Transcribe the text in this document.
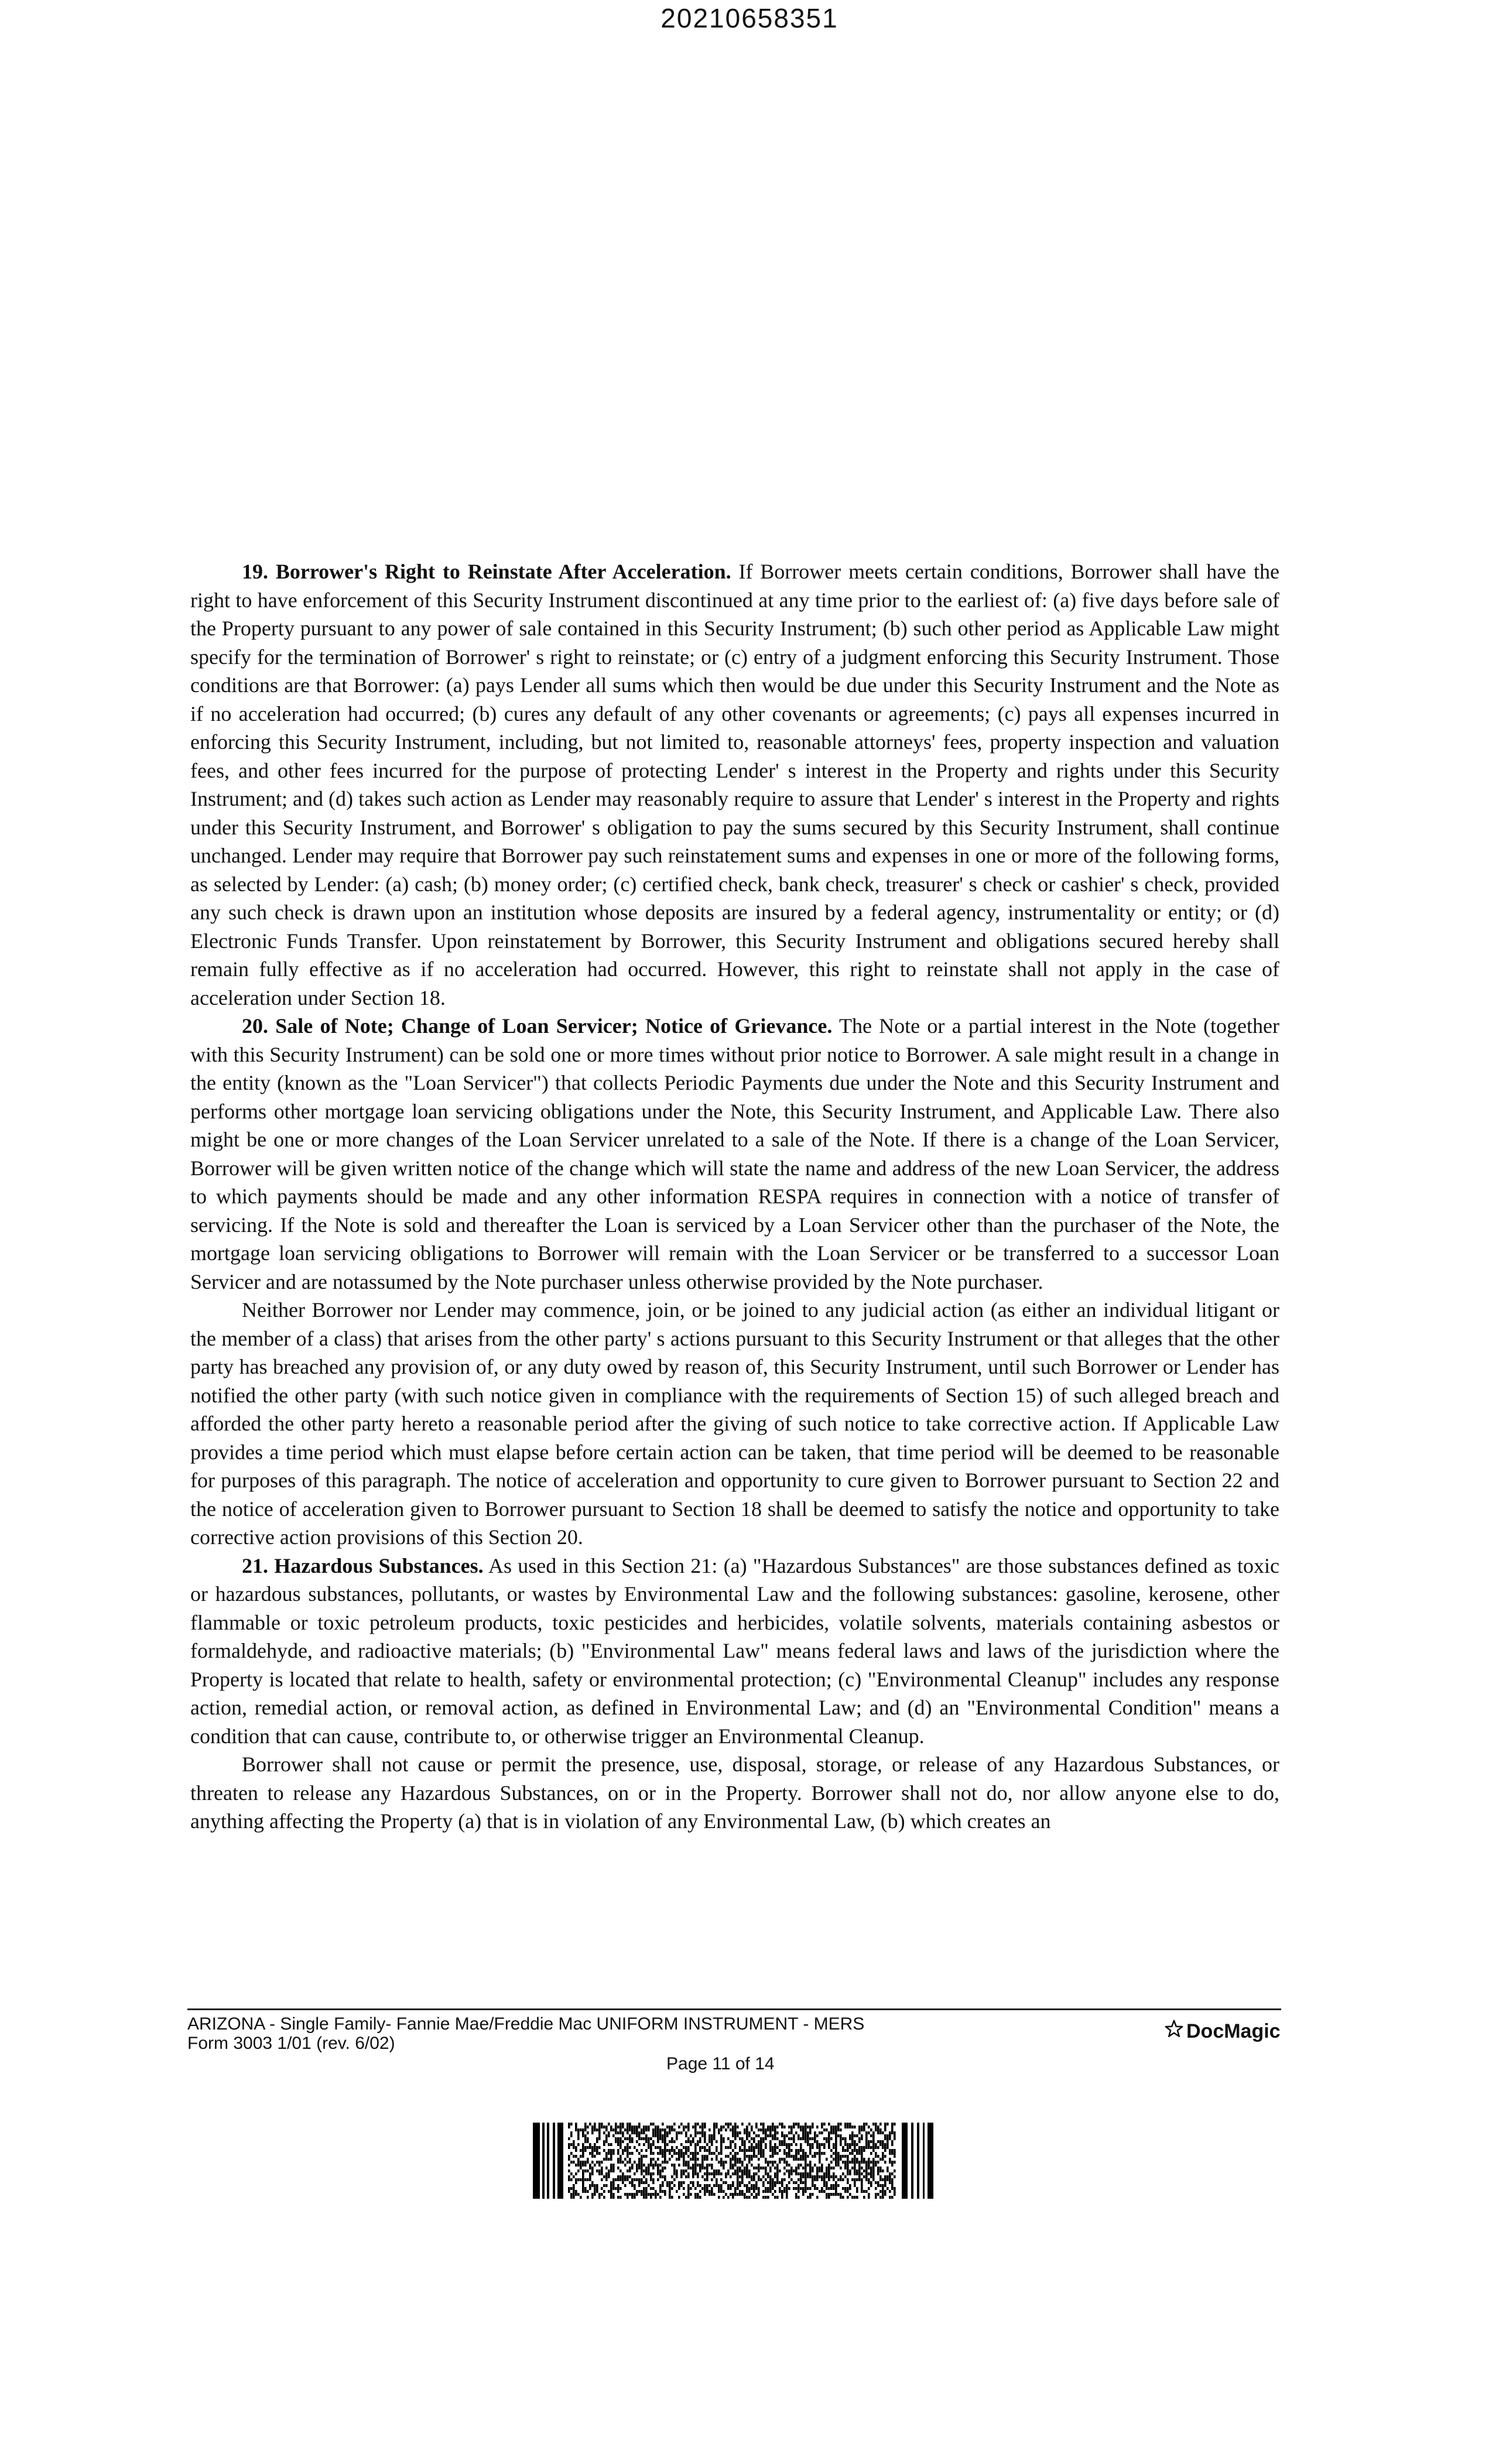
20210658351

19. Borrower's Right to Reinstate After Acceleration. If Borrower meets certain conditions, Borrower shall have the right to have enforcement of this Security Instrument discontinued at any time prior to the earliest of: (a) five days before sale of the Property pursuant to any power of sale contained in this Security Instrument; (b) such other period as Applicable Law might specify for the termination of Borrower' s right to reinstate; or (c) entry of a judgment enforcing this Security Instrument. Those conditions are that Borrower: (a) pays Lender all sums which then would be due under this Security Instrument and the Note as if no acceleration had occurred; (b) cures any default of any other covenants or agreements; (c) pays all expenses incurred in enforcing this Security Instrument, including, but not limited to, reasonable attorneys' fees, property inspection and valuation fees, and other fees incurred for the purpose of protecting Lender' s interest in the Property and rights under this Security Instrument; and (d) takes such action as Lender may reasonably require to assure that Lender' s interest in the Property and rights under this Security Instrument, and Borrower' s obligation to pay the sums secured by this Security Instrument, shall continue unchanged. Lender may require that Borrower pay such reinstatement sums and expenses in one or more of the following forms, as selected by Lender: (a) cash; (b) money order; (c) certified check, bank check, treasurer' s check or cashier' s check, provided any such check is drawn upon an institution whose deposits are insured by a federal agency, instrumentality or entity; or (d) Electronic Funds Transfer. Upon reinstatement by Borrower, this Security Instrument and obligations secured hereby shall remain fully effective as if no acceleration had occurred. However, this right to reinstate shall not apply in the case of acceleration under Section 18.

20. Sale of Note; Change of Loan Servicer; Notice of Grievance. The Note or a partial interest in the Note (together with this Security Instrument) can be sold one or more times without prior notice to Borrower. A sale might result in a change in the entity (known as the "Loan Servicer") that collects Periodic Payments due under the Note and this Security Instrument and performs other mortgage loan servicing obligations under the Note, this Security Instrument, and Applicable Law. There also might be one or more changes of the Loan Servicer unrelated to a sale of the Note. If there is a change of the Loan Servicer, Borrower will be given written notice of the change which will state the name and address of the new Loan Servicer, the address to which payments should be made and any other information RESPA requires in connection with a notice of transfer of servicing. If the Note is sold and thereafter the Loan is serviced by a Loan Servicer other than the purchaser of the Note, the mortgage loan servicing obligations to Borrower will remain with the Loan Servicer or be transferred to a successor Loan Servicer and are notassumed by the Note purchaser unless otherwise provided by the Note purchaser.

Neither Borrower nor Lender may commence, join, or be joined to any judicial action (as either an individual litigant or the member of a class) that arises from the other party' s actions pursuant to this Security Instrument or that alleges that the other party has breached any provision of, or any duty owed by reason of, this Security Instrument, until such Borrower or Lender has notified the other party (with such notice given in compliance with the requirements of Section 15) of such alleged breach and afforded the other party hereto a reasonable period after the giving of such notice to take corrective action. If Applicable Law provides a time period which must elapse before certain action can be taken, that time period will be deemed to be reasonable for purposes of this paragraph. The notice of acceleration and opportunity to cure given to Borrower pursuant to Section 22 and the notice of acceleration given to Borrower pursuant to Section 18 shall be deemed to satisfy the notice and opportunity to take corrective action provisions of this Section 20.

21. Hazardous Substances. As used in this Section 21: (a) "Hazardous Substances" are those substances defined as toxic or hazardous substances, pollutants, or wastes by Environmental Law and the following substances: gasoline, kerosene, other flammable or toxic petroleum products, toxic pesticides and herbicides, volatile solvents, materials containing asbestos or formaldehyde, and radioactive materials; (b) "Environmental Law" means federal laws and laws of the jurisdiction where the Property is located that relate to health, safety or environmental protection; (c) "Environmental Cleanup" includes any response action, remedial action, or removal action, as defined in Environmental Law; and (d) an "Environmental Condition" means a condition that can cause, contribute to, or otherwise trigger an Environmental Cleanup.

Borrower shall not cause or permit the presence, use, disposal, storage, or release of any Hazardous Substances, or threaten to release any Hazardous Substances, on or in the Property. Borrower shall not do, nor allow anyone else to do, anything affecting the Property (a) that is in violation of any Environmental Law, (b) which creates an

ARIZONA - Single Family- Fannie Mae/Freddie Mac UNIFORM INSTRUMENT - MERS
Form 3003 1/01 (rev. 6/02)
Page 11 of 14
DocMagic
